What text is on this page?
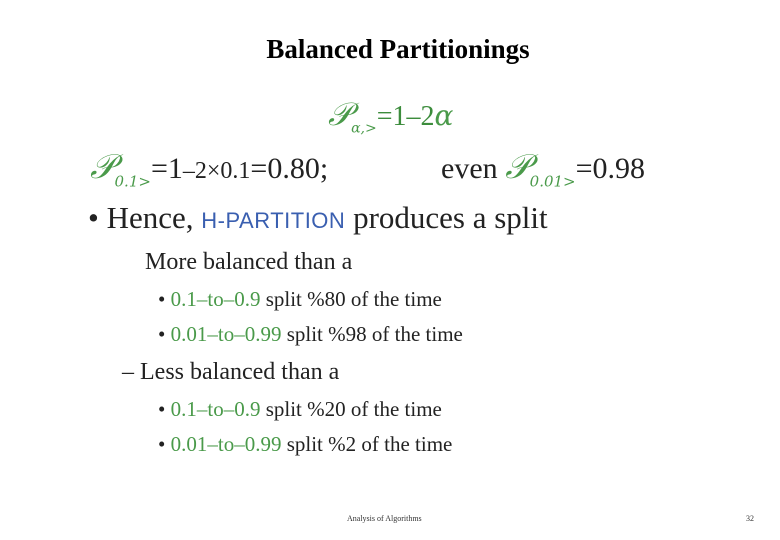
Balanced Partitionings
𝒫$_{\alpha,>}$=1–2α
𝒫$_{0.1>}$=1–2×0.1=0.80;	even 𝒫$_{0.01>}$=0.98
• Hence, H-PARTITION produces a split
More balanced than a
• 0.1–to–0.9 split %80 of the time
• 0.01–to–0.99 split %98 of the time
– Less balanced than a
• 0.1–to–0.9 split %20 of the time
• 0.01–to–0.99 split %2 of the time
Analysis of Algorithms	32
